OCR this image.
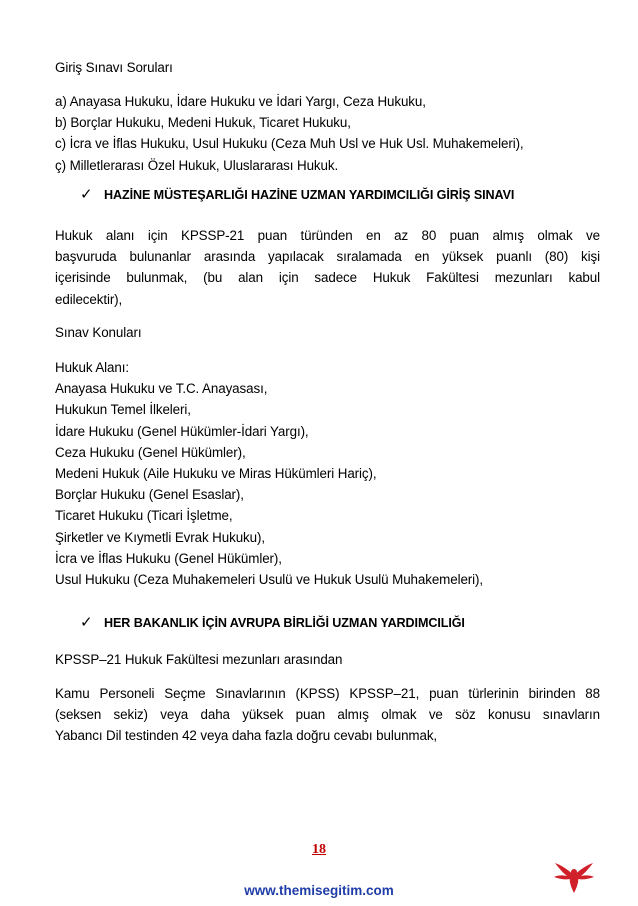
Giriş Sınavı Soruları
a) Anayasa Hukuku, İdare Hukuku ve İdari Yargı, Ceza Hukuku,
b) Borçlar Hukuku, Medeni Hukuk, Ticaret Hukuku,
c) İcra ve İflas Hukuku, Usul Hukuku (Ceza Muh Usl ve Huk Usl. Muhakemeleri),
ç) Milletlerarası Özel Hukuk, Uluslararası Hukuk.
✓ HAZİNE MÜSTEŞARLIĞI HAZİNE UZMAN YARDIMCILIĞI GİRİŞ SINAVI
Hukuk alanı için KPSSP-21 puan türünden en az 80 puan almış olmak ve
başvuruda bulunanlar arasında yapılacak sıralamada en yüksek puanlı (80) kişi
içerisinde bulunmak, (bu alan için sadece Hukuk Fakültesi mezunları kabul
edilecektir),
Sınav Konuları
Hukuk Alanı:
Anayasa Hukuku ve T.C. Anayasası,
Hukukun Temel İlkeleri,
İdare Hukuku (Genel Hükümler-İdari Yargı),
Ceza Hukuku (Genel Hükümler),
Medeni Hukuk (Aile Hukuku ve Miras Hükümleri Hariç),
Borçlar Hukuku (Genel Esaslar),
Ticaret Hukuku (Ticari İşletme,
Şirketler ve Kıymetli Evrak Hukuku),
İcra ve İflas Hukuku (Genel Hükümler),
Usul Hukuku (Ceza Muhakemeleri Usulü ve Hukuk Usulü Muhakemeleri),
✓ HER BAKANLIK İÇİN AVRUPA BİRLİĞİ UZMAN YARDIMCILIĞI
KPSSP–21 Hukuk Fakültesi mezunları arasından
Kamu Personeli Seçme Sınavlarının (KPSS) KPSSP–21, puan türlerinin birinden 88
(seksen sekiz) veya daha yüksek puan almış olmak ve söz konusu sınavların
Yabancı Dil testinden 42 veya daha fazla doğru cevabı bulunmak,
18
www.themisegitim.com
